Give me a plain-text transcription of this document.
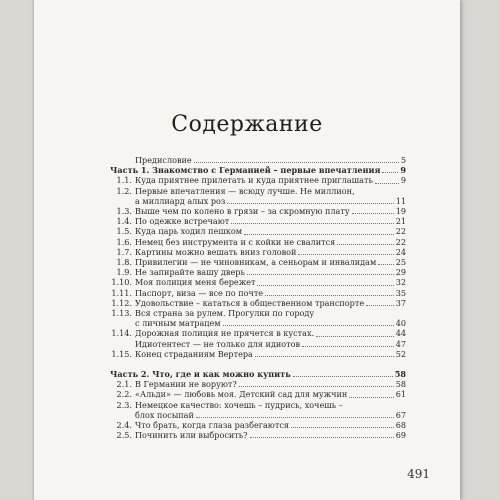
Содержание
Предисловие	5
Часть 1. Знакомство с Германией – первые впечатления 9
1.1. Куда приятнее прилетать и куда приятнее приглашать	9
1.2. Первые впечатления — всюду лучше. Не миллион,
а миллиард алых роз	11
1.3. Выше чем по колено в грязи – за скромную плату	19
1.4. По одежке встречают	21
1.5. Куда царь ходил пешком	22
1.6. Немец без инструмента и с койки не свалится	22
1.7. Картины можно вешать вниз головой	24
1.8. Привилегии — не чиновникам, а сеньорам и инвалидам 25
1.9. Не запирайте вашу дверь	29
1.10. Моя полиция меня бережет	32
1.11. Паспорт, виза — все по почте	35
1.12. Удовольствие – кататься в общественном транспорте	37
1.13. Вся страна за рулем. Прогулки по городу
с личным матрацем	40
1.14. Дорожная полиция не прячется в кустах.	44
Идиотентест — не только для идиотов	47
1.15. Конец страданиям Вертера	52
Часть 2. Что, где и как можно купить	58
2.1. В Германии не воруют?	58
2.2. «Альди» — любовь моя. Детский сад для мужчин	61
2.3. Немецкое качество: хочешь – пудрись, хочешь –
блох посыпай	67
2.4. Что брать, когда глаза разбегаются	68
2.5. Починить или выбросить?	69
491
